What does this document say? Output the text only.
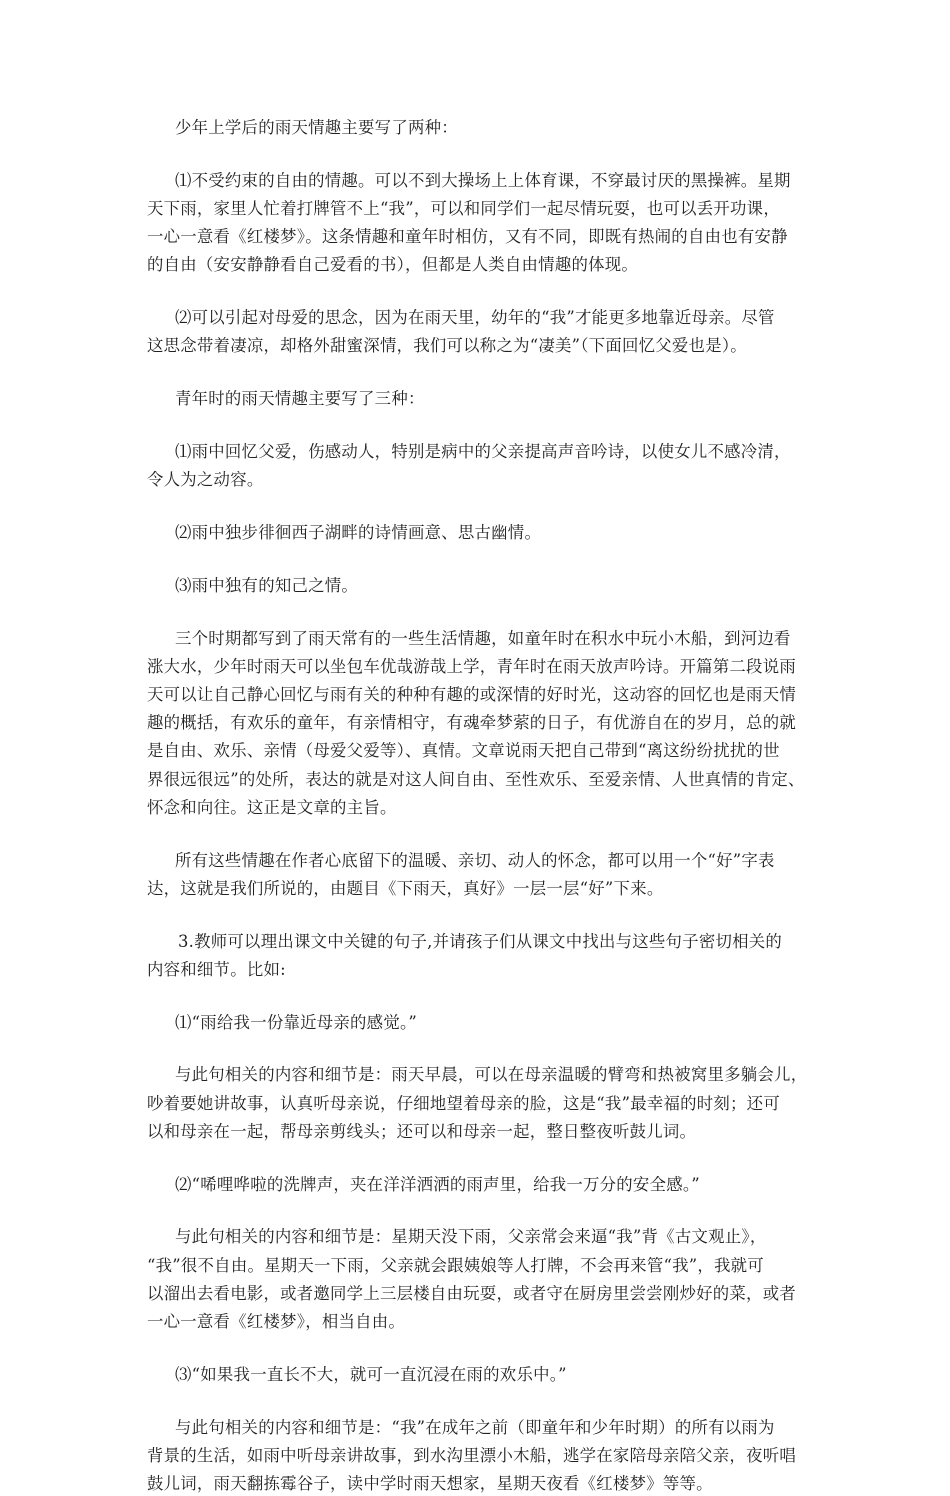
少年上学后的雨天情趣主要写了两种：
⑴不受约束的自由的情趣。可以不到大操场上上体育课，不穿最讨厌的黑操裤。星期
天下雨，家里人忙着打牌管不上“我”，可以和同学们一起尽情玩耍，也可以丢开功课，
一心一意看《红楼梦》。这条情趣和童年时相仿，又有不同，即既有热闹的自由也有安静
的自由（安安静静看自己爱看的书），但都是人类自由情趣的体现。
⑵可以引起对母爱的思念，因为在雨天里，幼年的“我”才能更多地靠近母亲。尽管
这思念带着凄凉，却格外甜蜜深情，我们可以称之为“凄美”（下面回忆父爱也是）。
青年时的雨天情趣主要写了三种：
⑴雨中回忆父爱，伤感动人，特别是病中的父亲提高声音吟诗，以使女儿不感冷清，
令人为之动容。
⑵雨中独步徘徊西子湖畔的诗情画意、思古幽情。
⑶雨中独有的知己之情。
三个时期都写到了雨天常有的一些生活情趣，如童年时在积水中玩小木船，到河边看
涨大水，少年时雨天可以坐包车优哉游哉上学，青年时在雨天放声吟诗。开篇第二段说雨
天可以让自己静心回忆与雨有关的种种有趣的或深情的好时光，这动容的回忆也是雨天情
趣的概括，有欢乐的童年，有亲情相守，有魂牵梦萦的日子，有优游自在的岁月，总的就
是自由、欢乐、亲情（母爱父爱等）、真情。文章说雨天把自己带到“离这纷纷扰扰的世
界很远很远”的处所，表达的就是对这人间自由、至性欢乐、至爱亲情、人世真情的肯定、
怀念和向往。这正是文章的主旨。
所有这些情趣在作者心底留下的温暖、亲切、动人的怀念，都可以用一个“好”字表
达，这就是我们所说的，由题目《下雨天，真好》一层一层“好”下来。
3.教师可以理出课文中关键的句子,并请孩子们从课文中找出与这些句子密切相关的
内容和细节。比如:
⑴“雨给我一份靠近母亲的感觉。”
与此句相关的内容和细节是：雨天早晨，可以在母亲温暖的臂弯和热被窝里多躺会儿，
吵着要她讲故事，认真听母亲说，仔细地望着母亲的脸，这是“我”最幸福的时刻；还可
以和母亲在一起，帮母亲剪线头；还可以和母亲一起，整日整夜听鼓儿词。
⑵“唏哩哗啦的洗牌声，夹在洋洋洒洒的雨声里，给我一万分的安全感。”
与此句相关的内容和细节是：星期天没下雨，父亲常会来逼“我”背《古文观止》，
“我”很不自由。星期天一下雨，父亲就会跟姨娘等人打牌，不会再来管“我”，我就可
以溜出去看电影，或者邀同学上三层楼自由玩耍，或者守在厨房里尝尝刚炒好的菜，或者
一心一意看《红楼梦》，相当自由。
⑶“如果我一直长不大，就可一直沉浸在雨的欢乐中。”
与此句相关的内容和细节是：“我”在成年之前（即童年和少年时期）的所有以雨为
背景的生活，如雨中听母亲讲故事，到水沟里漂小木船，逃学在家陪母亲陪父亲，夜听唱
鼓儿词，雨天翻拣霉谷子，读中学时雨天想家，星期天夜看《红楼梦》等等。
